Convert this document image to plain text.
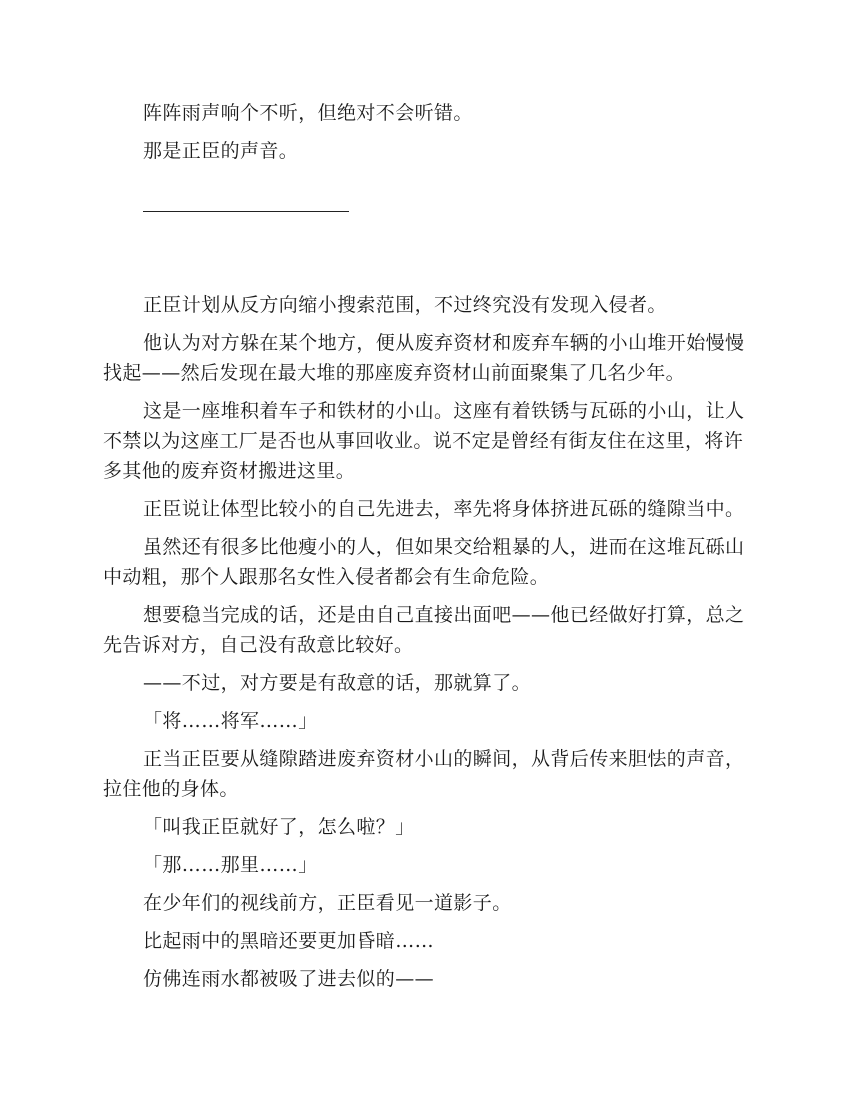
阵阵雨声响个不听，但绝对不会听错。

那是正臣的声音。

正臣计划从反方向缩小搜索范围，不过终究没有发现入侵者。

他认为对方躲在某个地方，便从废弃资材和废弃车辆的小山堆开始慢慢找起——然后发现在最大堆的那座废弃资材山前面聚集了几名少年。

这是一座堆积着车子和铁材的小山。这座有着铁锈与瓦砾的小山，让人不禁以为这座工厂是否也从事回收业。说不定是曾经有街友住在这里，将许多其他的废弃资材搬进这里。

正臣说让体型比较小的自己先进去，率先将身体挤进瓦砾的缝隙当中。

虽然还有很多比他瘦小的人，但如果交给粗暴的人，进而在这堆瓦砾山中动粗，那个人跟那名女性入侵者都会有生命危险。

想要稳当完成的话，还是由自己直接出面吧——他已经做好打算，总之先告诉对方，自己没有敌意比较好。

——不过，对方要是有敌意的话，那就算了。

「将……将军……」

正当正臣要从缝隙踏进废弃资材小山的瞬间，从背后传来胆怯的声音，拉住他的身体。

「叫我正臣就好了，怎么啦？」

「那……那里……」

在少年们的视线前方，正臣看见一道影子。

比起雨中的黑暗还要更加昏暗……

仿佛连雨水都被吸了进去似的——
